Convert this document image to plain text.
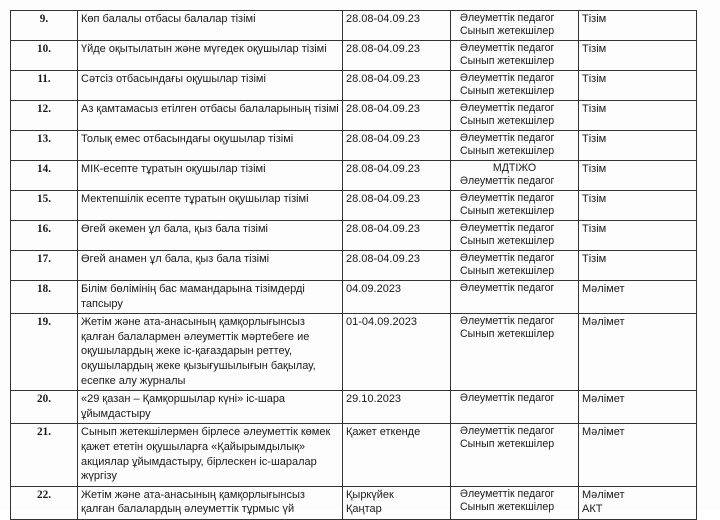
9.	Көп балалы отбасы балалар тізімі	28.08-04.09.23	Әлеуметтік педагог
Сынып жетекшілер	Тізім

10.	Үйде оқытылатын және мүгедек оқушылар тізімі	28.08-04.09.23	Әлеуметтік педагог
Сынып жетекшілер	Тізім

11.	Сәтсіз отбасындағы оқушылар тізімі	28.08-04.09.23	Әлеуметтік педагог
Сынып жетекшілер	Тізім

12.	Аз қамтамасыз етілген отбасы балаларының тізімі	28.08-04.09.23	Әлеуметтік педагог
Сынып жетекшілер	Тізім

13.	Толық емес отбасындағы оқушылар тізімі	28.08-04.09.23	Әлеуметтік педагог
Сынып жетекшілер	Тізім

14.	МІК-есепте тұратын оқушылар тізімі	28.08-04.09.23	МДТІЖО
Әлеуметтік педагог	Тізім

15.	Мектепшілік есепте тұратын оқушылар тізімі	28.08-04.09.23	Әлеуметтік педагог
Сынып жетекшілер	Тізім

16.	Өгей әкемен ұл бала, қыз бала тізімі	28.08-04.09.23	Әлеуметтік педагог
Сынып жетекшілер	Тізім

17.	Өгей анамен ұл бала, қыз бала тізімі	28.08-04.09.23	Әлеуметтік педагог
Сынып жетекшілер	Тізім

18.	Білім бөлімінің бас мамандарына тізімдерді тапсыру	04.09.2023	Әлеуметтік педагог	Мәлімет

19.	Жетім және ата-анасының қамқорлығынсыз қалған балалармен әлеуметтік мәртебеге ие оқушылардың жеке іс-қағаздарын реттеу, оқушылардың жеке қызығушылығын бақылау, есепке алу журналы	01-04.09.2023	Әлеуметтік педагог
Сынып жетекшілер	Мәлімет

20.	«29 қазан – Қамқоршылар күні» іс-шара ұйымдастыру	29.10.2023	Әлеуметтік педагог	Мәлімет

21.	Сынып жетекшілермен бірлесе әлеуметтік көмек қажет ететін оқушыларға «Қайырымдылық» акциялар ұйымдастыру, бірлескен іс-шаралар жүргізу	Қажет еткенде	Әлеуметтік педагог
Сынып жетекшілер	Мәлімет

22.	Жетім және ата-анасының қамқорлығынсыз қалған балалардың әлеуметтік тұрмыс үй	Қыркүйек
Қаңтар	Әлеуметтік педагог
Сынып жетекшілер	Мәлімет
АКТ
